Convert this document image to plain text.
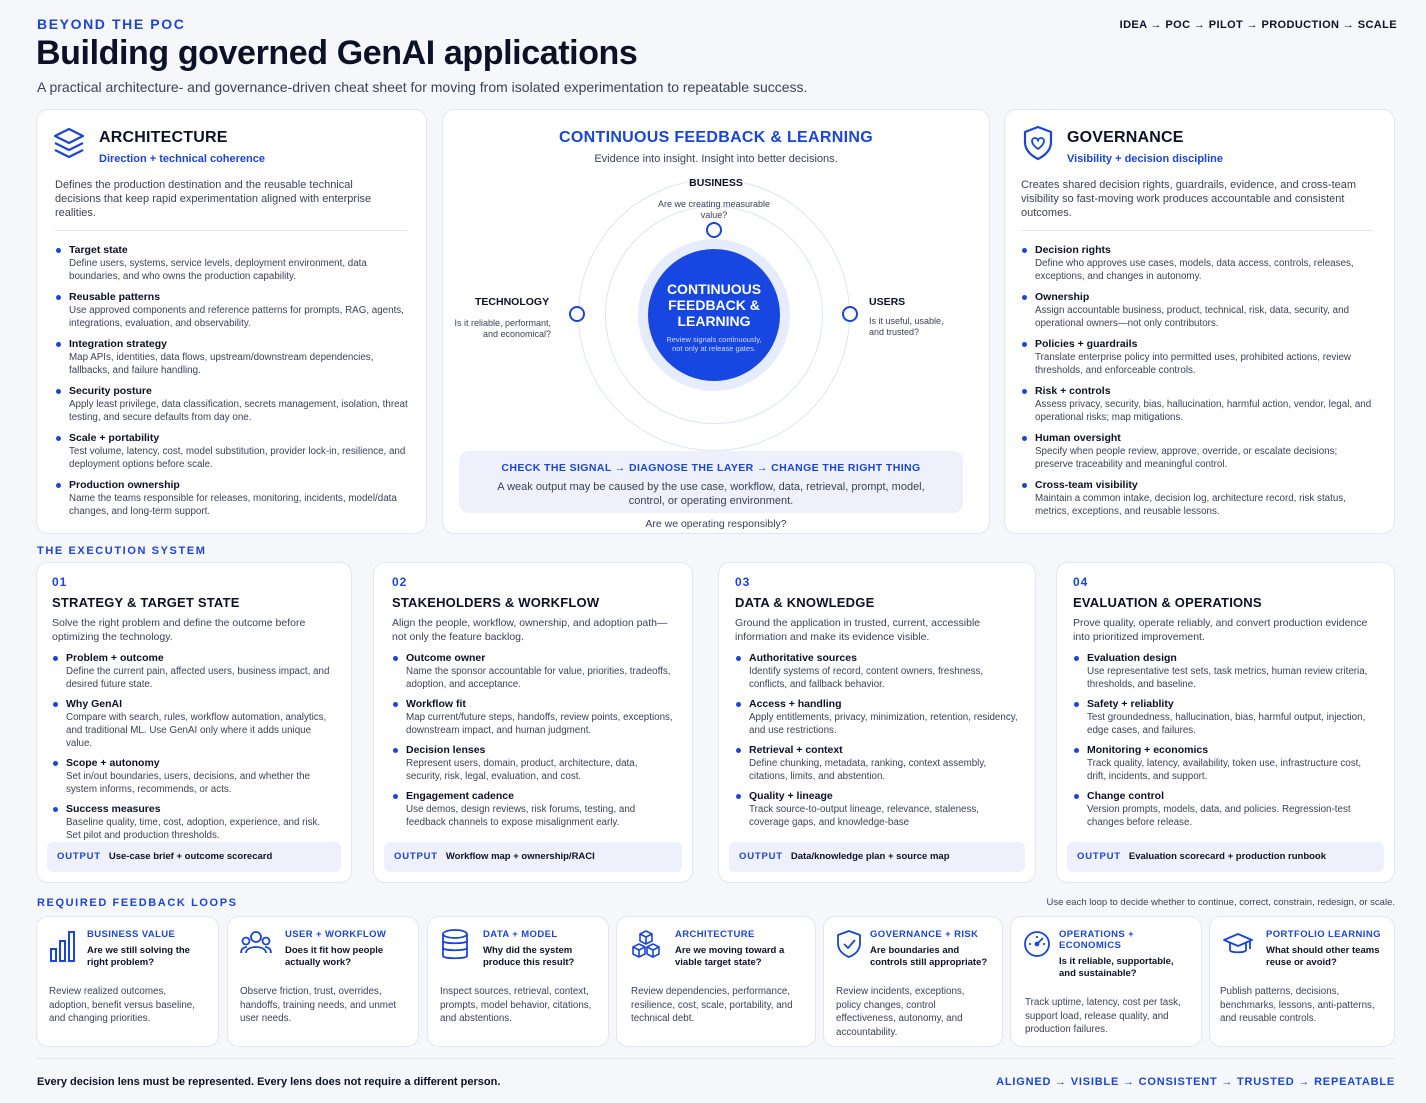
BEYOND THE POC
Building governed GenAI applications
A practical architecture- and governance-driven cheat sheet for moving from isolated experimentation to repeatable success.
IDEA → POC → PILOT → PRODUCTION → SCALE
ARCHITECTURE
Direction + technical coherence
Defines the production destination and the reusable technical decisions that keep rapid experimentation aligned with enterprise realities.
Target state
Define users, systems, service levels, deployment environment, data boundaries, and who owns the production capability.
Reusable patterns
Use approved components and reference patterns for prompts, RAG, agents, integrations, evaluation, and observability.
Integration strategy
Map APIs, identities, data flows, upstream/downstream dependencies, fallbacks, and failure handling.
Security posture
Apply least privilege, data classification, secrets management, isolation, threat testing, and secure defaults from day one.
Scale + portability
Test volume, latency, cost, model substitution, provider lock-in, resilience, and deployment options before scale.
Production ownership
Name the teams responsible for releases, monitoring, incidents, model/data changes, and long-term support.
CONTINUOUS FEEDBACK & LEARNING
Evidence into insight. Insight into better decisions.
BUSINESS
Are we creating measurable value?
TECHNOLOGY
Is it reliable, performant, and economical?
USERS
Is it useful, usable, and trusted?
CONTINUOUS FEEDBACK & LEARNING
Review signals continuously, not only at release gates.
CHECK THE SIGNAL → DIAGNOSE THE LAYER → CHANGE THE RIGHT THING
A weak output may be caused by the use case, workflow, data, retrieval, prompt, model, control, or operating environment.
Are we operating responsibly?
GOVERNANCE
Visibility + decision discipline
Creates shared decision rights, guardrails, evidence, and cross-team visibility so fast-moving work produces accountable and consistent outcomes.
Decision rights
Define who approves use cases, models, data access, controls, releases, exceptions, and changes in autonomy.
Ownership
Assign accountable business, product, technical, risk, data, security, and operational owners—not only contributors.
Policies + guardrails
Translate enterprise policy into permitted uses, prohibited actions, review thresholds, and enforceable controls.
Risk + controls
Assess privacy, security, bias, hallucination, harmful action, vendor, legal, and operational risks; map mitigations.
Human oversight
Specify when people review, approve, override, or escalate decisions; preserve traceability and meaningful control.
Cross-team visibility
Maintain a common intake, decision log, architecture record, risk status, metrics, exceptions, and reusable lessons.
THE EXECUTION SYSTEM
01
STRATEGY & TARGET STATE
Solve the right problem and define the outcome before optimizing the technology.
Problem + outcome
Define the current pain, affected users, business impact, and desired future state.
Why GenAI
Compare with search, rules, workflow automation, analytics, and traditional ML. Use GenAI only where it adds unique value.
Scope + autonomy
Set in/out boundaries, users, decisions, and whether the system informs, recommends, or acts.
Success measures
Baseline quality, time, cost, adoption, experience, and risk. Set pilot and production thresholds.
OUTPUT Use-case brief + outcome scorecard
02
STAKEHOLDERS & WORKFLOW
Align the people, workflow, ownership, and adoption path—not only the feature backlog.
Outcome owner
Name the sponsor accountable for value, priorities, tradeoffs, adoption, and acceptance.
Workflow fit
Map current/future steps, handoffs, review points, exceptions, downstream impact, and human judgment.
Decision lenses
Represent users, domain, product, architecture, data, security, risk, legal, evaluation, and cost.
Engagement cadence
Use demos, design reviews, risk forums, testing, and feedback channels to expose misalignment early.
OUTPUT Workflow map + ownership/RACI
03
DATA & KNOWLEDGE
Ground the application in trusted, current, accessible information and make its evidence visible.
Authoritative sources
Identify systems of record, content owners, freshness, conflicts, and fallback behavior.
Access + handling
Apply entitlements, privacy, minimization, retention, residency, and use restrictions.
Retrieval + context
Define chunking, metadata, ranking, context assembly, citations, limits, and abstention.
Quality + lineage
Track source-to-output lineage, relevance, staleness, coverage gaps, and knowledge-base
OUTPUT Data/knowledge plan + source map
04
EVALUATION & OPERATIONS
Prove quality, operate reliably, and convert production evidence into prioritized improvement.
Evaluation design
Use representative test sets, task metrics, human review criteria, thresholds, and baseline.
Safety + reliablity
Test groundedness, hallucination, bias, harmful output, injection, edge cases, and failures.
Monitoring + economics
Track quality, latency, availability, token use, infrastructure cost, drift, incidents, and support.
Change control
Version prompts, models, data, and policies. Regression-test changes before release.
OUTPUT Evaluation scorecard + production runbook
REQUIRED FEEDBACK LOOPS	Use each loop to decide whether to continue, correct, constrain, redesign, or scale.
BUSINESS VALUE
Are we still solving the right problem?
Review realized outcomes, adoption, benefit versus baseline, and changing priorities.
USER + WORKFLOW
Does it fit how people actually work?
Observe friction, trust, overrides, handoffs, training needs, and unmet user needs.
DATA + MODEL
Why did the system produce this result?
Inspect sources, retrieval, context, prompts, model behavior, citations, and abstentions.
ARCHITECTURE
Are we moving toward a viable target state?
Review dependencies, performance, resilience, cost, scale, portability, and technical debt.
GOVERNANCE + RISK
Are boundaries and controls still appropriate?
Review incidents, exceptions, policy changes, control effectiveness, autonomy, and accountability.
OPERATIONS + ECONOMICS
Is it reliable, supportable, and sustainable?
Track uptime, latency, cost per task, support load, release quality, and production failures.
PORTFOLIO LEARNING
What should other teams reuse or avoid?
Publish patterns, decisions, benchmarks, lessons, anti-patterns, and reusable controls.
Every decision lens must be represented. Every lens does not require a different person.	ALIGNED → VISIBLE → CONSISTENT → TRUSTED → REPEATABLE
